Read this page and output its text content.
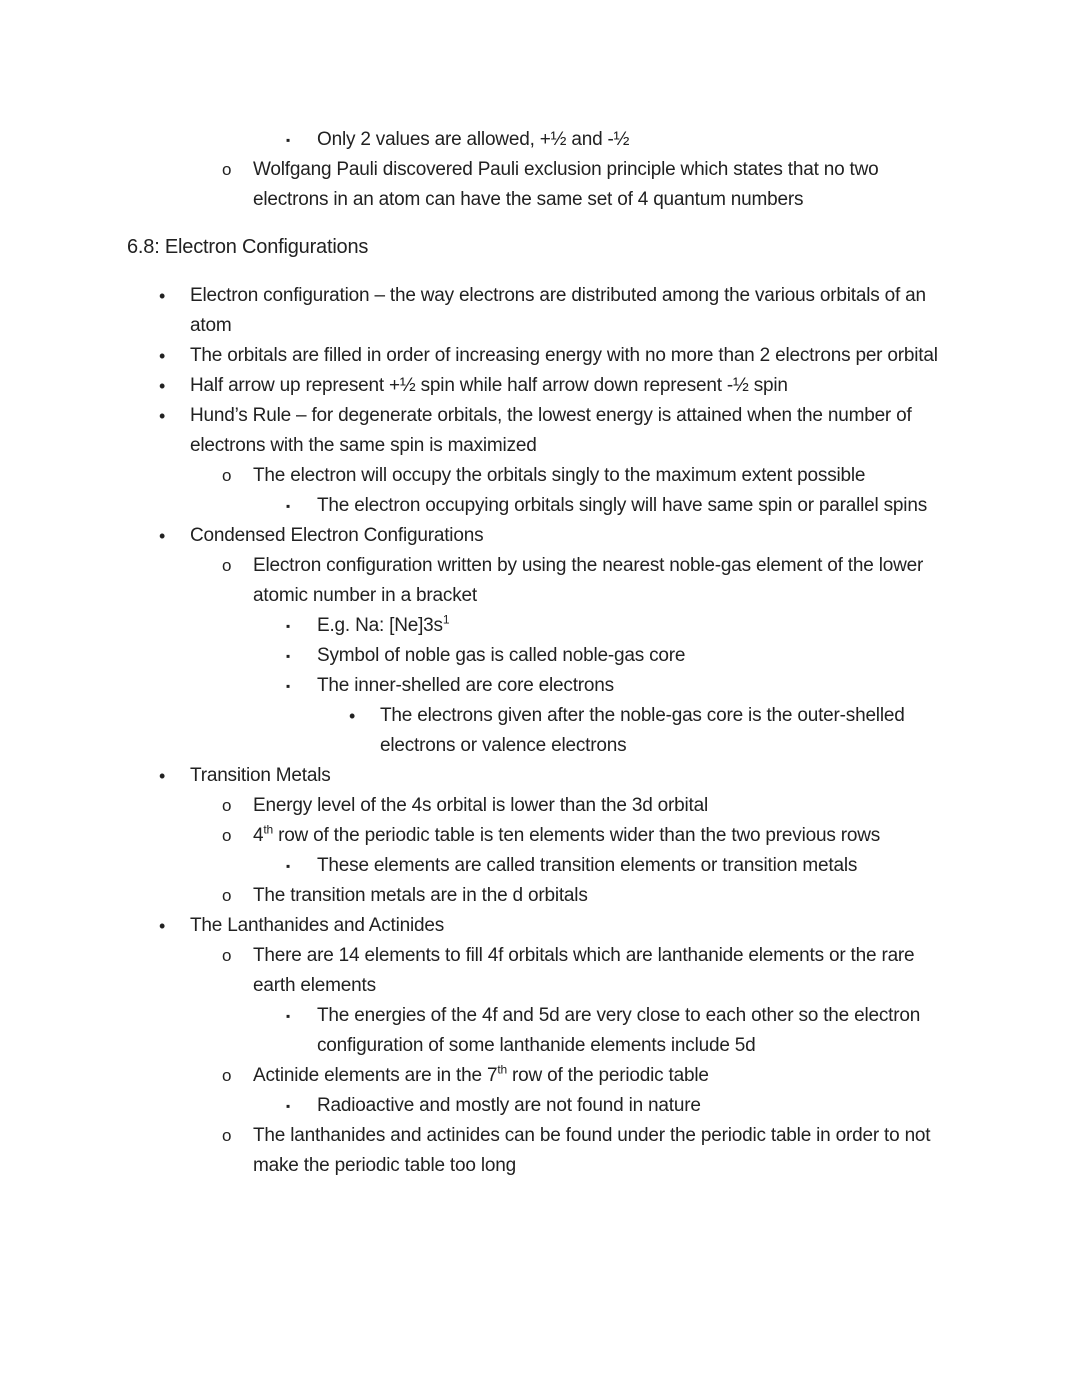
▪	Only 2 values are allowed, +½ and -½
o	Wolfgang Pauli discovered Pauli exclusion principle which states that no two electrons in an atom can have the same set of 4 quantum numbers
6.8: Electron Configurations
•	Electron configuration – the way electrons are distributed among the various orbitals of an atom
•	The orbitals are filled in order of increasing energy with no more than 2 electrons per orbital
•	Half arrow up represent +½ spin while half arrow down represent -½ spin
•	Hund’s Rule – for degenerate orbitals, the lowest energy is attained when the number of electrons with the same spin is maximized
o	The electron will occupy the orbitals singly to the maximum extent possible
▪	The electron occupying orbitals singly will have same spin or parallel spins
•	Condensed Electron Configurations
o	Electron configuration written by using the nearest noble-gas element of the lower atomic number in a bracket
▪	E.g. Na: $[Ne]3s^1$
▪	Symbol of noble gas is called noble-gas core
▪	The inner-shelled are core electrons
•	The electrons given after the noble-gas core is the outer-shelled electrons or valence electrons
•	Transition Metals
o	Energy level of the 4s orbital is lower than the 3d orbital
o	4th row of the periodic table is ten elements wider than the two previous rows
▪	These elements are called transition elements or transition metals
o	The transition metals are in the d orbitals
•	The Lanthanides and Actinides
o	There are 14 elements to fill 4f orbitals which are lanthanide elements or the rare earth elements
▪	The energies of the 4f and 5d are very close to each other so the electron configuration of some lanthanide elements include 5d
o	Actinide elements are in the 7th row of the periodic table
▪	Radioactive and mostly are not found in nature
o	The lanthanides and actinides can be found under the periodic table in order to not make the periodic table too long
